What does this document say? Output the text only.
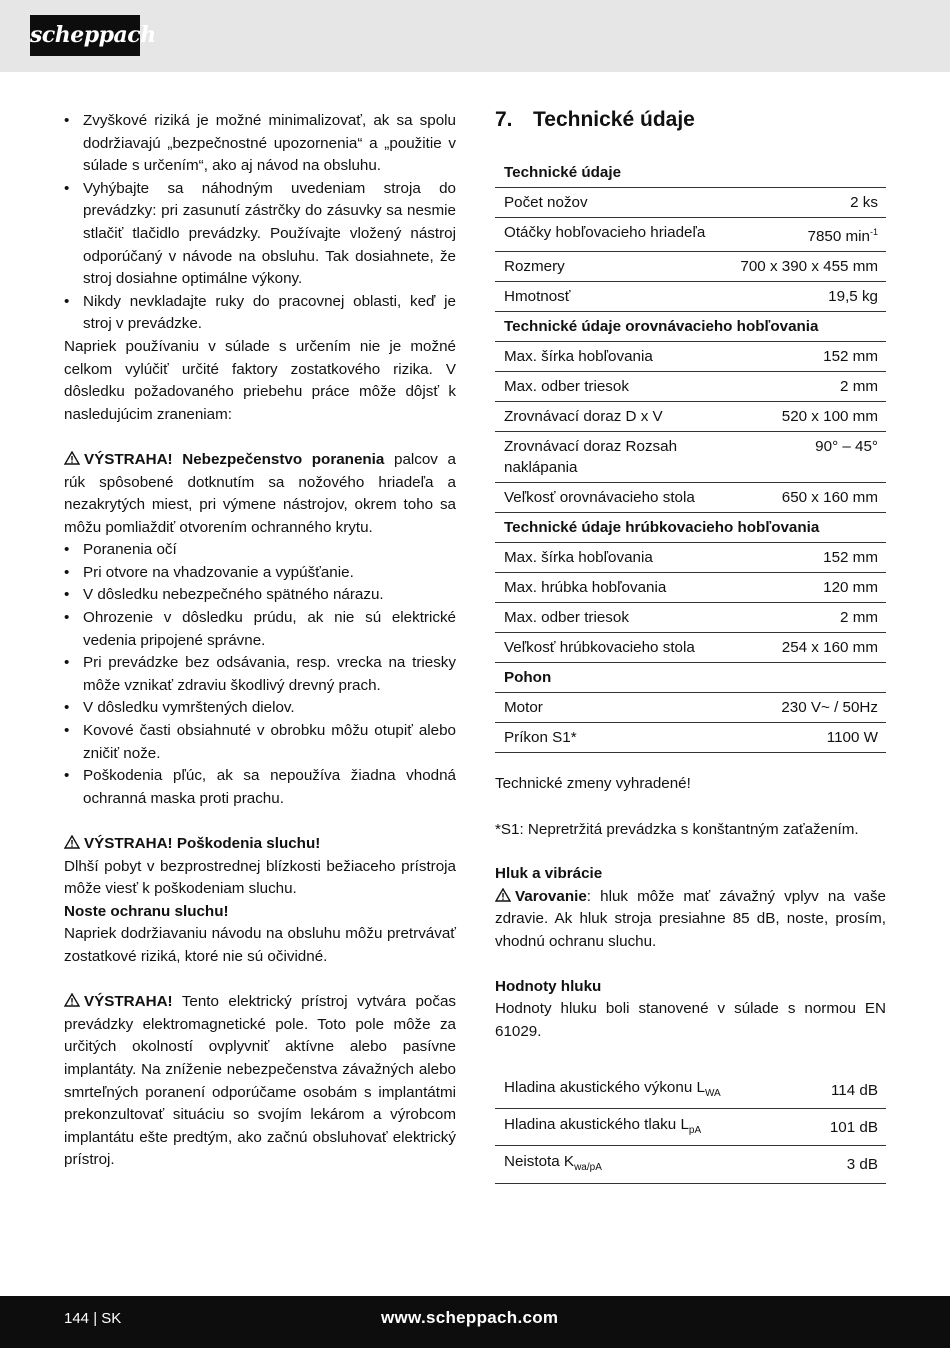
scheppach
• Zvyškové riziká je možné minimalizovať, ak sa spolu dodržiavajú „bezpečnostné upozornenia“ a „použitie v súlade s určením“, ako aj návod na obsluhu.
• Vyhýbajte sa náhodným uvedeniam stroja do prevádzky: pri zasunutí zástrčky do zásuvky sa nesmie stlačiť tlačidlo prevádzky. Používajte vložený nástroj odporúčaný v návode na obsluhu. Tak dosiahnete, že stroj dosiahne optimálne výkony.
• Nikdy nevkladajte ruky do pracovnej oblasti, keď je stroj v prevádzke.

Napriek používaniu v súlade s určením nie je možné celkom vylúčiť určité faktory zostatkového rizika. V dôsledku požadovaného priebehu práce môže dôjsť k nasledujúcim zraneniam:

VÝSTRAHA! Nebezpečenstvo poranenia palcov a rúk spôsobené dotknutím sa nožového hriadeľa a nezakrytých miest, pri výmene nástrojov, okrem toho sa môžu pomliaždiť otvorením ochranného krytu.

• Poranenia očí
• Pri otvore na vhadzovanie a vypúšťanie.
• V dôsledku nebezpečného spätného nárazu.
• Ohrozenie v dôsledku prúdu, ak nie sú elektrické vedenia pripojené správne.
• Pri prevádzke bez odsávania, resp. vrecka na triesky môže vznikať zdraviu škodlivý drevný prach.
• V dôsledku vymrštených dielov.
• Kovové časti obsiahnuté v obrobku môžu otupiť alebo zničiť nože.
• Poškodenia pľúc, ak sa nepoužíva žiadna vhodná ochranná maska proti prachu.

VÝSTRAHA! Poškodenia sluchu!

Dlhší pobyt v bezprostrednej blízkosti bežiaceho prístroja môže viesť k poškodeniam sluchu.

Noste ochranu sluchu!

Napriek dodržiavaniu návodu na obsluhu môžu pretrvávať zostatkové riziká, ktoré nie sú očividné.

VÝSTRAHA! Tento elektrický prístroj vytvára počas prevádzky elektromagnetické pole. Toto pole môže za určitých okolností ovplyvniť aktívne alebo pasívne implantáty. Na zníženie nebezpečenstva závažných alebo smrteľných poranení odporúčame osobám s implantátmi prekonzultovať situáciu so svojím lekárom a výrobcom implantátu ešte predtým, ako začnú obsluhovať elektrický prístroj.

7. Technické údaje
Technické údaje	
Počet nožov	2 ks
Otáčky hobľovacieho hriadeľa	7850 $\min^{-1}$
Rozmery	700 x 390 x 455 mm
Hmotnosť	19,5 kg
Technické údaje orovnávacieho hobľovania	
Max. šírka hobľovania	152 mm
Max. odber triesok	2 mm
Zrovnávací doraz D x V	520 x 100 mm
Zrovnávací doraz Rozsah naklápania	90° – 45°
Veľkosť orovnávacieho stola	650 x 160 mm
Technické údaje hrúbkovacieho hobľovania	
Max. šírka hobľovania	152 mm
Max. hrúbka hobľovania	120 mm
Max. odber triesok	2 mm
Veľkosť hrúbkovacieho stola	254 x 160 mm
Pohon	
Motor	230 V~ / 50Hz
Príkon S1*	1100 W
Technické zmeny vyhradené!
*S1: Nepretržitá prevádzka s konštantným zaťažením.
Hluk a vibrácie
Varovanie: hluk môže mať závažný vplyv na vaše zdravie. Ak hluk stroja presiahne 85 dB, noste, prosím, vhodnú ochranu sluchu.
Hodnoty hluku
Hodnoty hluku boli stanovené v súlade s normou EN 61029.
Hladina akustického výkonu $L_{WA}$	114 dB
Hladina akustického tlaku $L_{pA}$	101 dB
Neistota $K_{wa/pA}$	3 dB
144 | SK	www.scheppach.com
